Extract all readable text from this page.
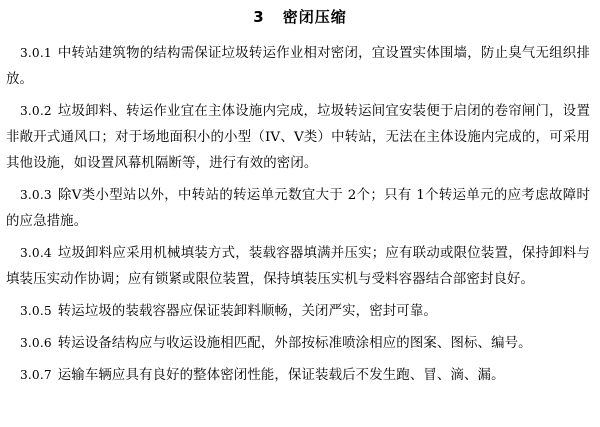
3 密闭压缩

3.0.1 中转站建筑物的结构需保证垃圾转运作业相对密闭，宜设置实体围墙，防止臭气无组织排放。

3.0.2 垃圾卸料、转运作业宜在主体设施内完成，垃圾转运间宜安装便于启闭的卷帘闸门，设置非敞开式通风口；对于场地面积小的小型（IV、V类）中转站，无法在主体设施内完成的，可采用其他设施，如设置风幕机隔断等，进行有效的密闭。

3.0.3 除V类小型站以外，中转站的转运单元数宜大于 2个；只有 1个转运单元的应考虑故障时的应急措施。

3.0.4 垃圾卸料应采用机械填装方式，装载容器填满并压实；应有联动或限位装置，保持卸料与填装压实动作协调；应有锁紧或限位装置，保持填装压实机与受料容器结合部密封良好。

3.0.5 转运垃圾的装载容器应保证装卸料顺畅，关闭严实，密封可靠。

3.0.6 转运设备结构应与收运设施相匹配，外部按标准喷涂相应的图案、图标、编号。

3.0.7 运输车辆应具有良好的整体密闭性能，保证装载后不发生跑、冒、滴、漏。
